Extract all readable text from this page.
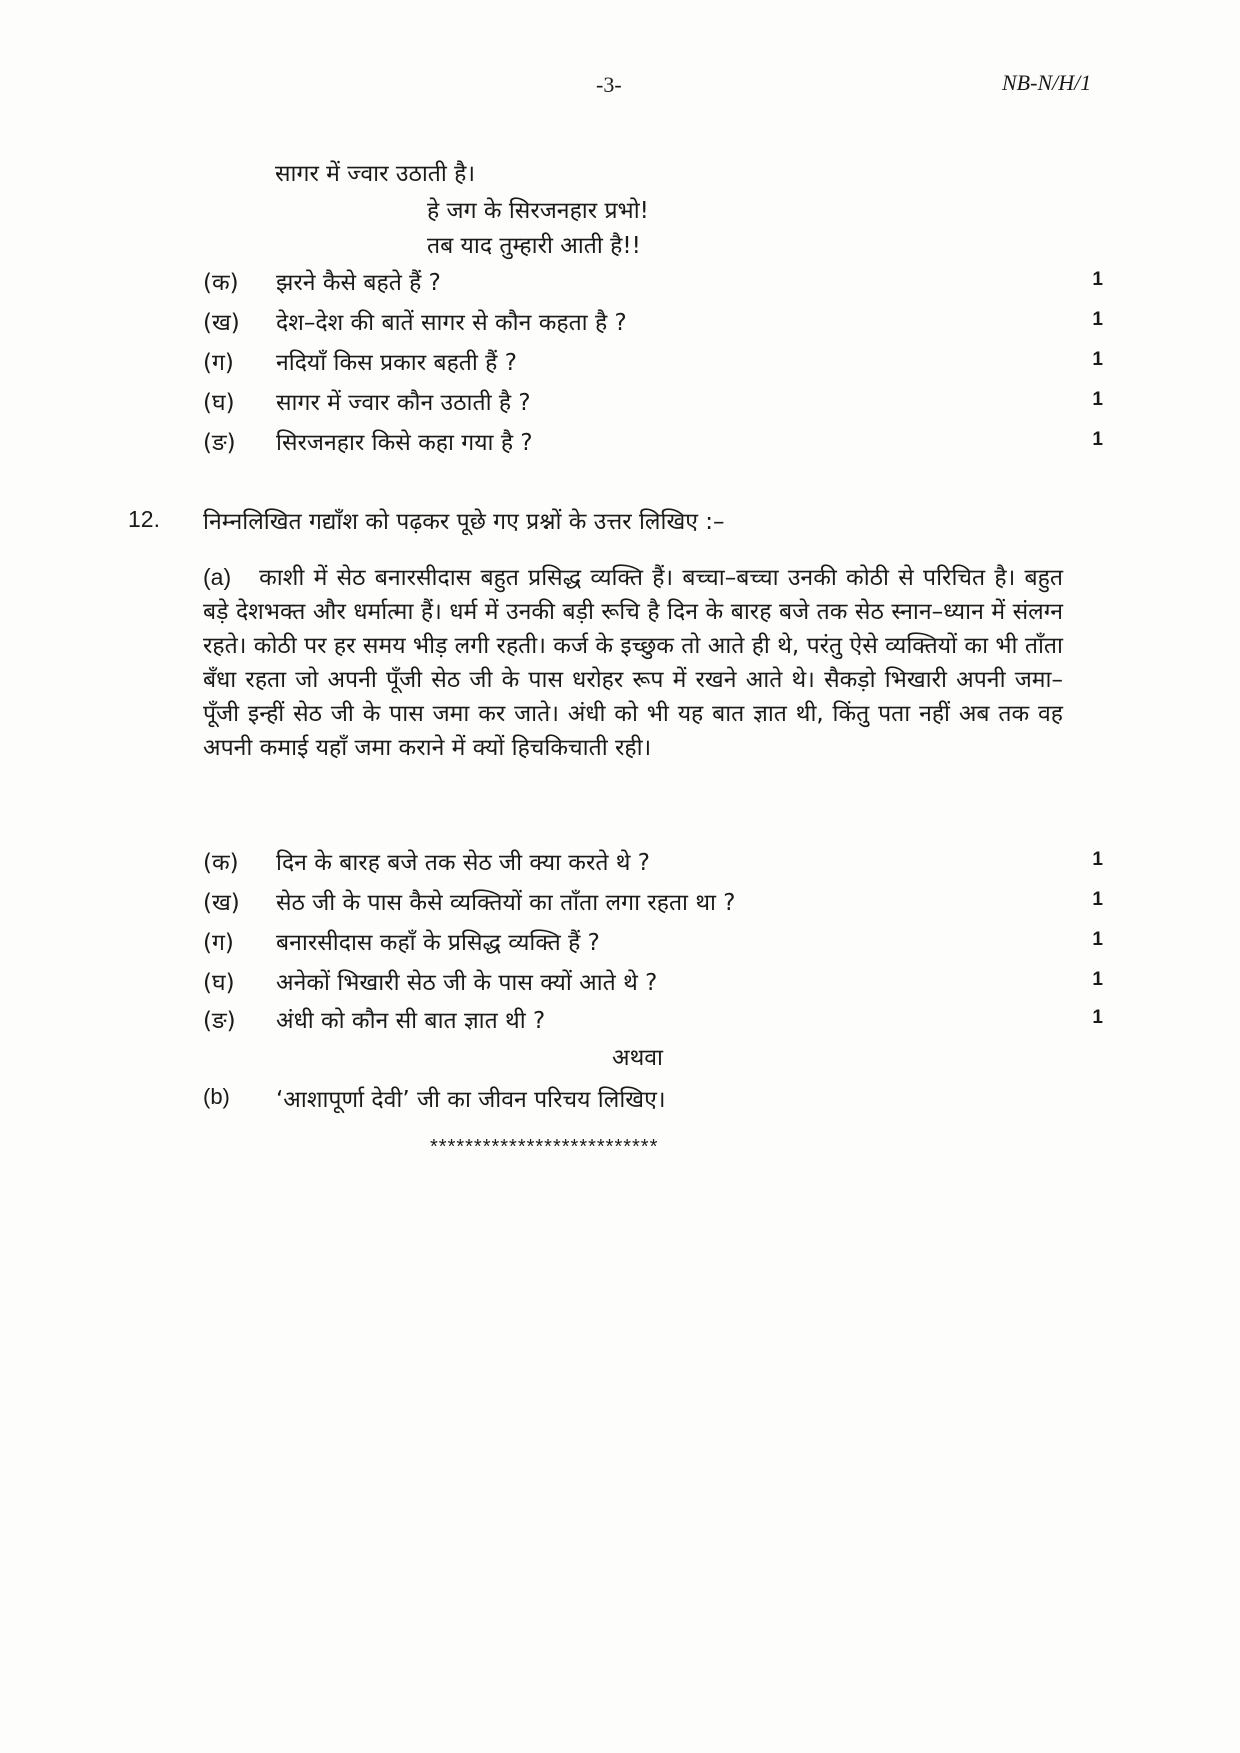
-3-	NB-N/H/1
सागर में ज्वार उठाती है।
हे जग के सिरजनहार प्रभो!
तब याद तुम्हारी आती है!!
(क) झरने कैसे बहते हैं ?	1
(ख) देश–देश की बातें सागर से कौन कहता है ?	1
(ग) नदियाँ किस प्रकार बहती हैं ?	1
(घ) सागर में ज्वार कौन उठाती है ?	1
(ङ) सिरजनहार किसे कहा गया है ?	1
12. निम्नलिखित गद्यॉंश को पढ़कर पूछे गए प्रश्नों के उत्तर लिखिए :–
(a) काशी में सेठ बनारसीदास बहुत प्रसिद्ध व्यक्ति हैं। बच्चा–बच्चा उनकी कोठी से परिचित है। बहुत बड़े देशभक्त और धर्मात्मा हैं। धर्म में उनकी बड़ी रूचि है दिन के बारह बजे तक सेठ स्नान–ध्यान में संलग्न रहते। कोठी पर हर समय भीड़ लगी रहती। कर्ज के इच्छुक तो आते ही थे, परंतु ऐसे व्यक्तियों का भी ताँता बँधा रहता जो अपनी पूँजी सेठ जी के पास धरोहर रूप में रखने आते थे। सैकड़ो भिखारी अपनी जमा–पूँजी इन्हीं सेठ जी के पास जमा कर जाते। अंधी को भी यह बात ज्ञात थी, किंतु पता नहीं अब तक वह अपनी कमाई यहाँ जमा कराने में क्यों हिचकिचाती रही।
(क) दिन के बारह बजे तक सेठ जी क्या करते थे ?	1
(ख) सेठ जी के पास कैसे व्यक्तियों का ताँता लगा रहता था ?	1
(ग) बनारसीदास कहाँ के प्रसिद्ध व्यक्ति हैं ?	1
(घ) अनेकों भिखारी सेठ जी के पास क्यों आते थे ?	1
(ङ) अंधी को कौन सी बात ज्ञात थी ?	1
अथवा
(b) ‘आशापूर्णा देवी’ जी का जीवन परिचय लिखिए।
**************************
